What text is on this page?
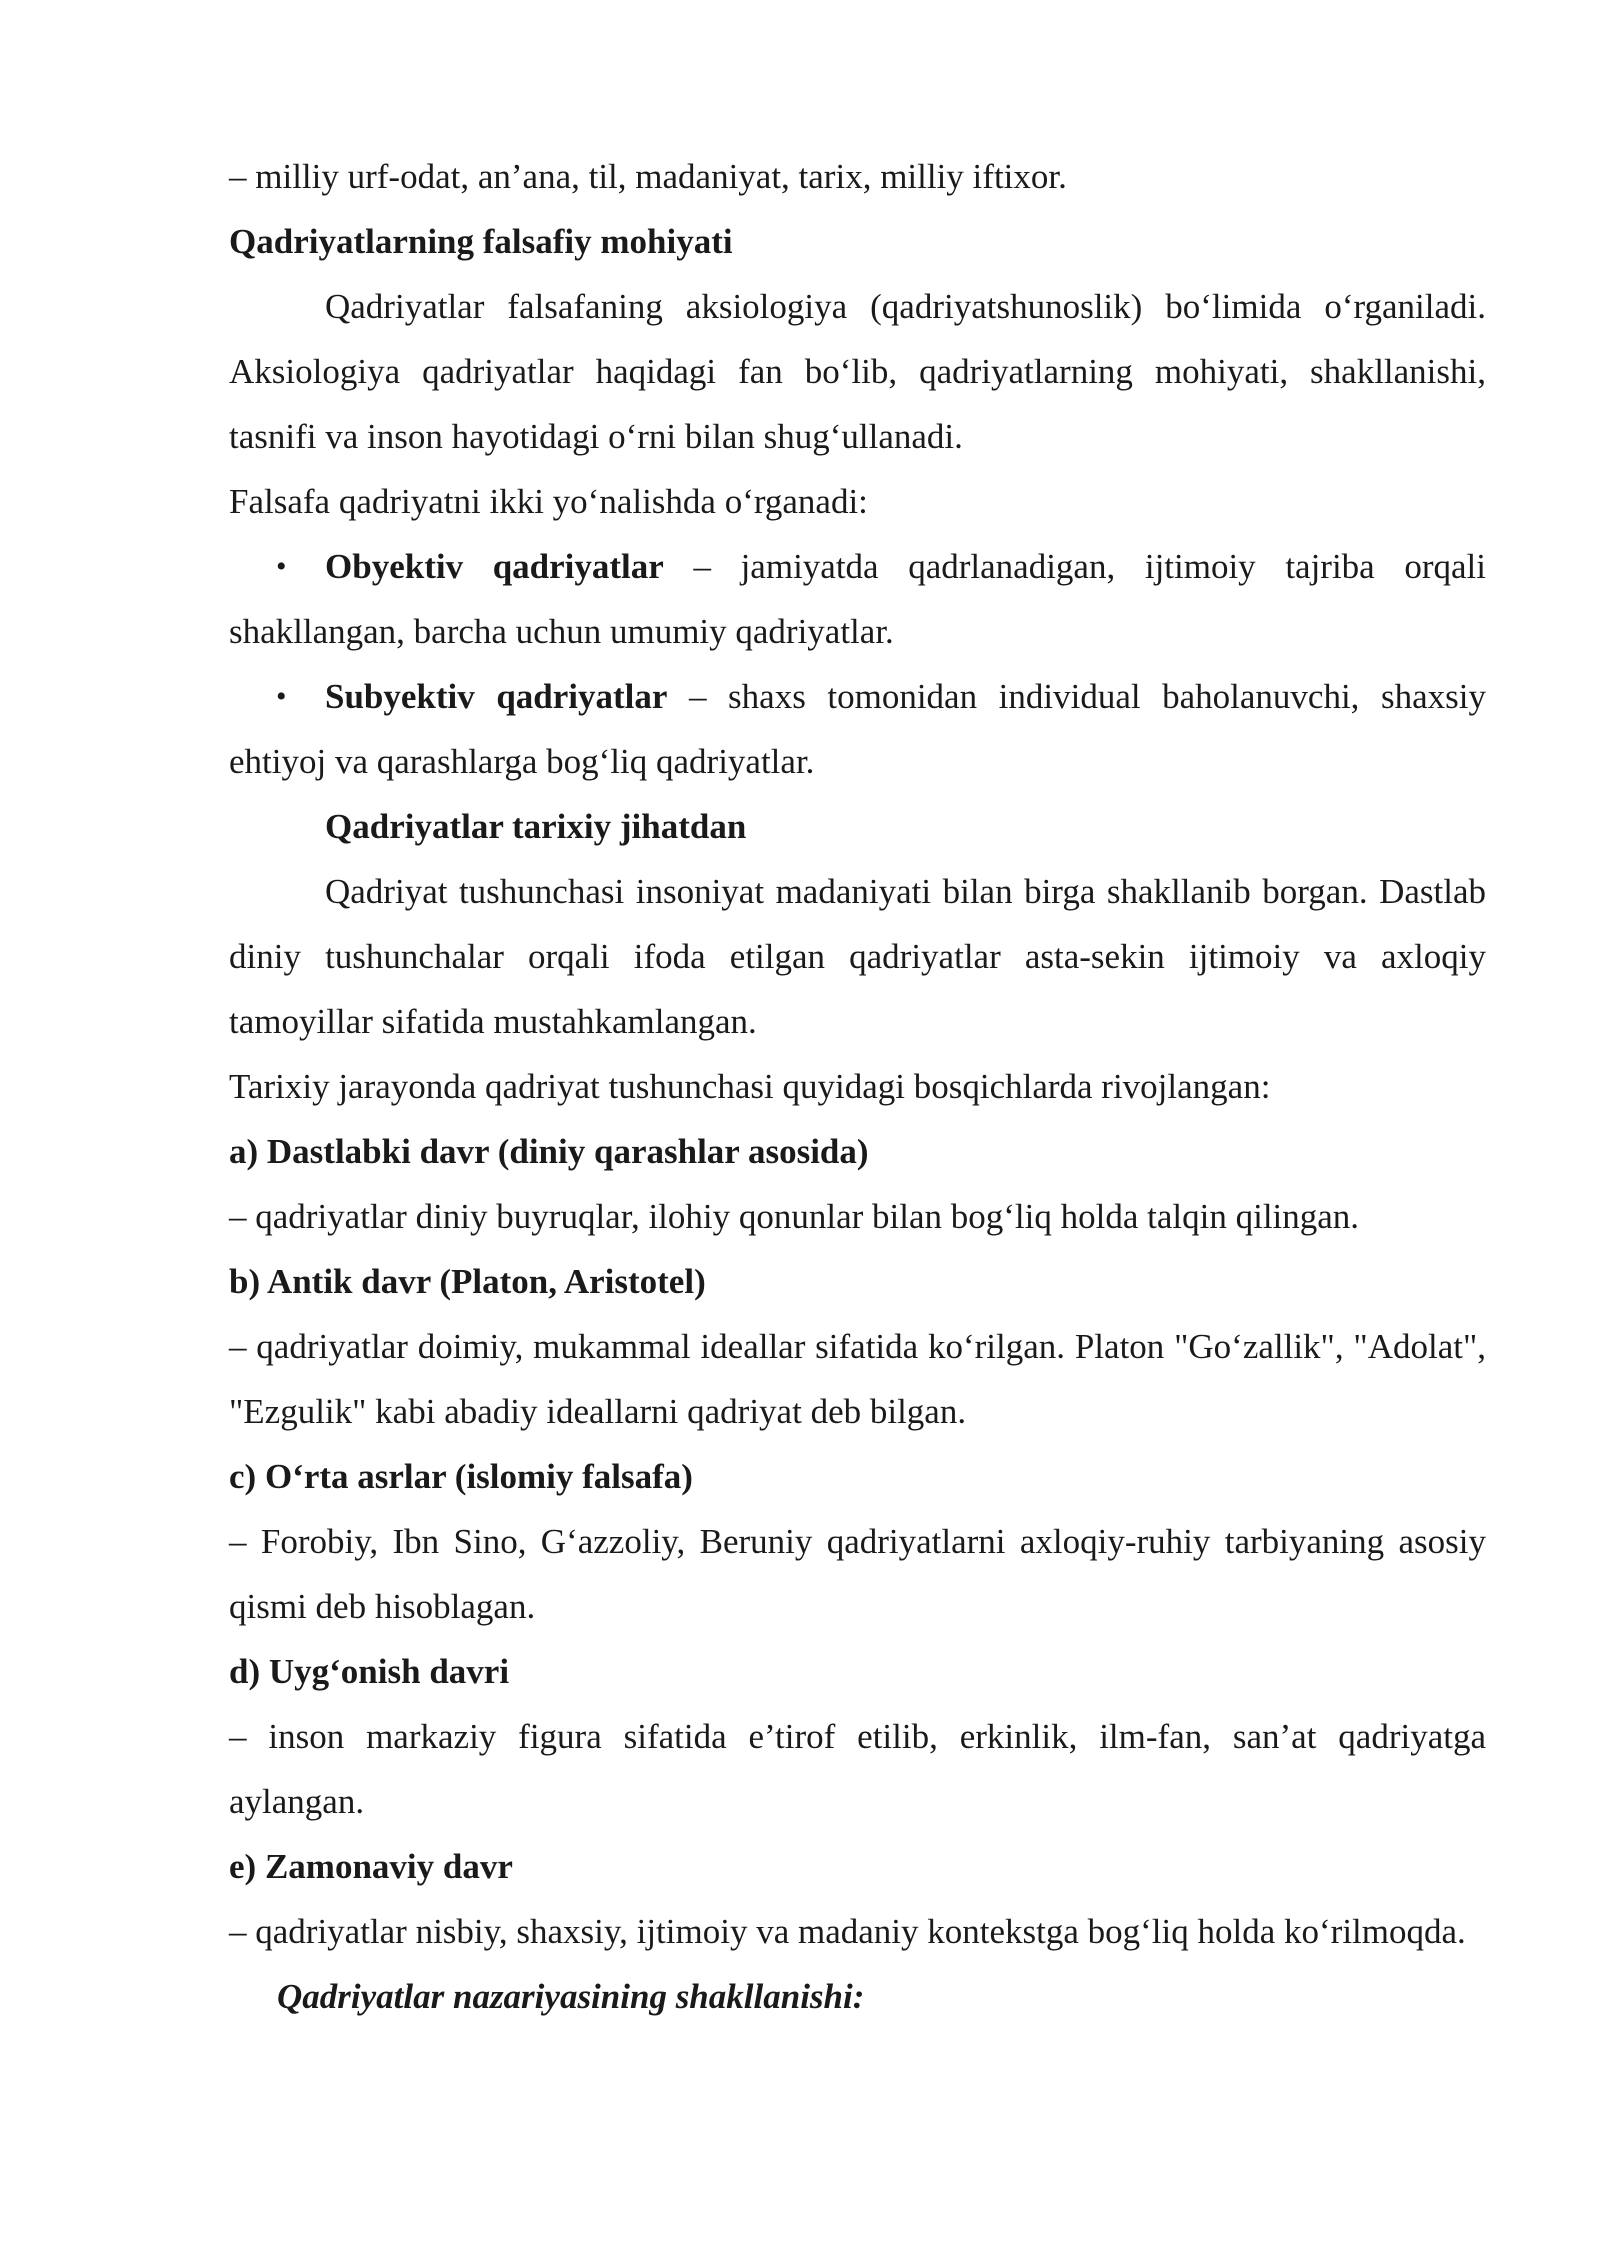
– milliy urf-odat, an’ana, til, madaniyat, tarix, milliy iftixor.

Qadriyatlarning falsafiy mohiyati

Qadriyatlar falsafaning aksiologiya (qadriyatshunoslik) bo‘limida o‘rganiladi. Aksiologiya qadriyatlar haqidagi fan bo‘lib, qadriyatlarning mohiyati, shakllanishi, tasnifi va inson hayotidagi o‘rni bilan shug‘ullanadi.

Falsafa qadriyatni ikki yo‘nalishda o‘rganadi:

• Obyektiv qadriyatlar – jamiyatda qadrlanadigan, ijtimoiy tajriba orqali shakllangan, barcha uchun umumiy qadriyatlar.

• Subyektiv qadriyatlar – shaxs tomonidan individual baholanuvchi, shaxsiy ehtiyoj va qarashlarga bog‘liq qadriyatlar.

Qadriyatlar tarixiy jihatdan

Qadriyat tushunchasi insoniyat madaniyati bilan birga shakllanib borgan. Dastlab diniy tushunchalar orqali ifoda etilgan qadriyatlar asta-sekin ijtimoiy va axloqiy tamoyillar sifatida mustahkamlangan.

Tarixiy jarayonda qadriyat tushunchasi quyidagi bosqichlarda rivojlangan:

a) Dastlabki davr (diniy qarashlar asosida)

– qadriyatlar diniy buyruqlar, ilohiy qonunlar bilan bog‘liq holda talqin qilingan.

b) Antik davr (Platon, Aristotel)

– qadriyatlar doimiy, mukammal ideallar sifatida ko‘rilgan. Platon "Go‘zallik", "Adolat", "Ezgulik" kabi abadiy ideallarni qadriyat deb bilgan.

c) O‘rta asrlar (islomiy falsafa)

– Forobiy, Ibn Sino, G‘azzoliy, Beruniy qadriyatlarni axloqiy-ruhiy tarbiyaning asosiy qismi deb hisoblagan.

d) Uyg‘onish davri

– inson markaziy figura sifatida e’tirof etilib, erkinlik, ilm-fan, san’at qadriyatga aylangan.

e) Zamonaviy davr

– qadriyatlar nisbiy, shaxsiy, ijtimoiy va madaniy kontekstga bog‘liq holda ko‘rilmoqda.

Qadriyatlar nazariyasining shakllanishi:
